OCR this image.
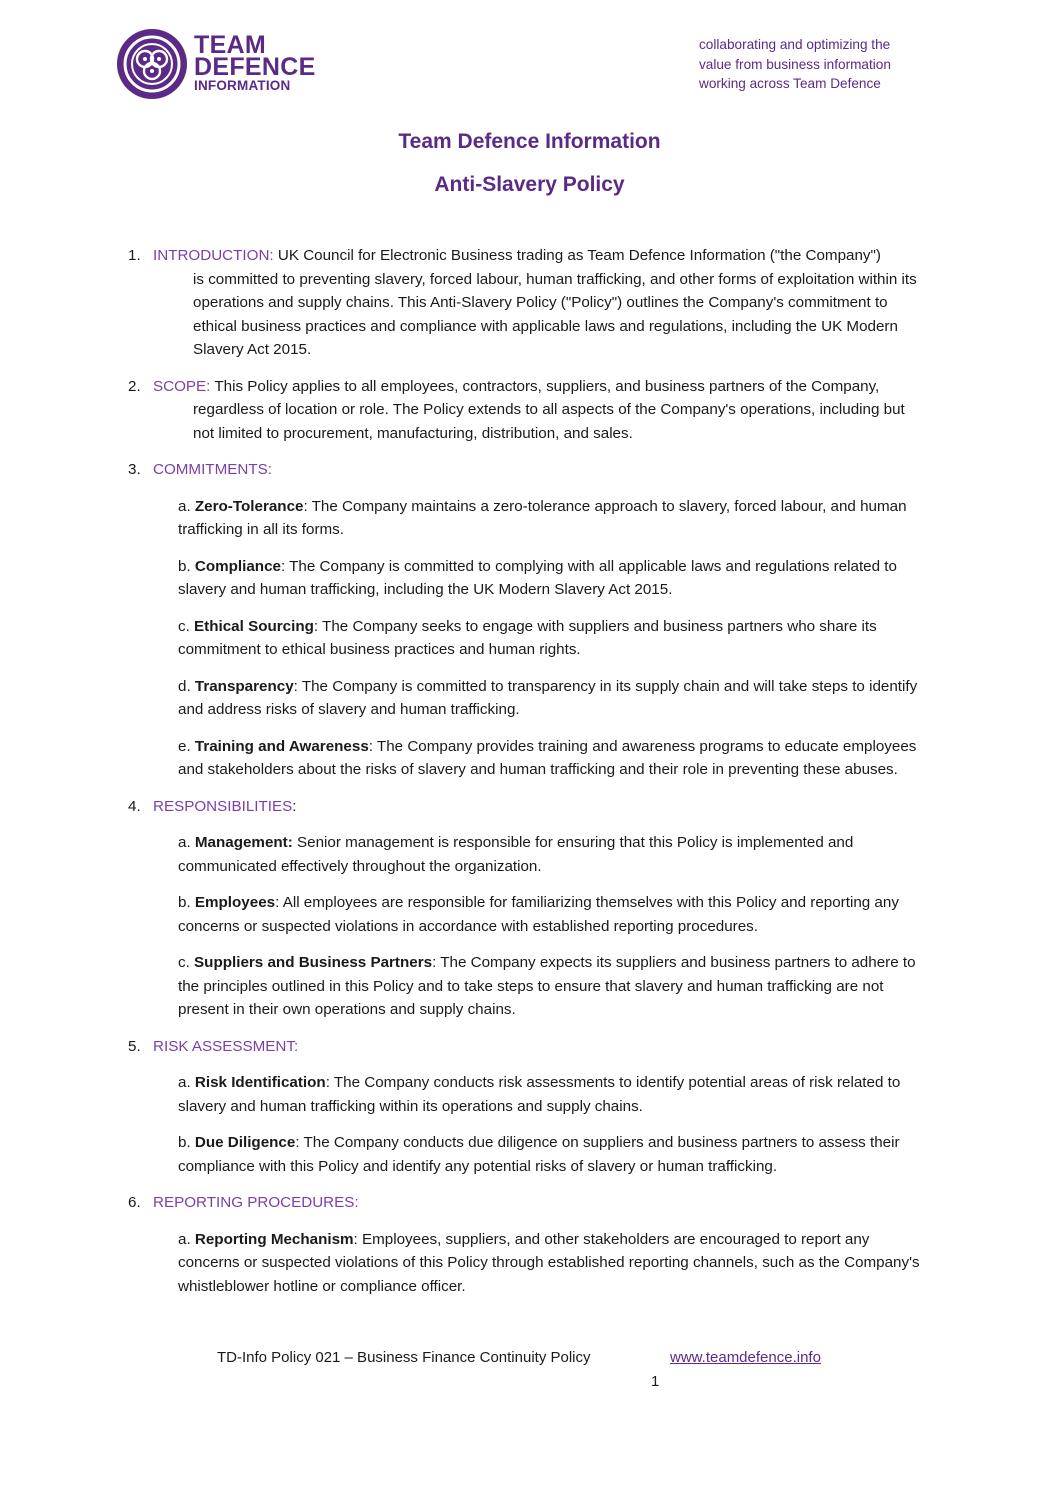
TEAM
DEFENCE
INFORMATION
collaborating and optimizing the
value from business information
working across Team Defence
Team Defence Information
Anti-Slavery Policy
1. INTRODUCTION: UK Council for Electronic Business trading as Team Defence Information ("the Company")
is committed to preventing slavery, forced labour, human trafficking, and other forms of exploitation within its operations and supply chains. This Anti-Slavery Policy ("Policy") outlines the Company's commitment to ethical business practices and compliance with applicable laws and regulations, including the UK Modern Slavery Act 2015.
2. SCOPE: This Policy applies to all employees, contractors, suppliers, and business partners of the Company,
regardless of location or role. The Policy extends to all aspects of the Company's operations, including but not limited to procurement, manufacturing, distribution, and sales.
3. COMMITMENTS:
a. Zero-Tolerance: The Company maintains a zero-tolerance approach to slavery, forced labour, and human trafficking in all its forms.
b. Compliance: The Company is committed to complying with all applicable laws and regulations related to slavery and human trafficking, including the UK Modern Slavery Act 2015.
c. Ethical Sourcing: The Company seeks to engage with suppliers and business partners who share its commitment to ethical business practices and human rights.
d. Transparency: The Company is committed to transparency in its supply chain and will take steps to identify and address risks of slavery and human trafficking.
e. Training and Awareness: The Company provides training and awareness programs to educate employees and stakeholders about the risks of slavery and human trafficking and their role in preventing these abuses.
4. RESPONSIBILITIES:
a. Management: Senior management is responsible for ensuring that this Policy is implemented and communicated effectively throughout the organization.
b. Employees: All employees are responsible for familiarizing themselves with this Policy and reporting any concerns or suspected violations in accordance with established reporting procedures.
c. Suppliers and Business Partners: The Company expects its suppliers and business partners to adhere to the principles outlined in this Policy and to take steps to ensure that slavery and human trafficking are not present in their own operations and supply chains.
5. RISK ASSESSMENT:
a. Risk Identification: The Company conducts risk assessments to identify potential areas of risk related to slavery and human trafficking within its operations and supply chains.
b. Due Diligence: The Company conducts due diligence on suppliers and business partners to assess their compliance with this Policy and identify any potential risks of slavery or human trafficking.
6. REPORTING PROCEDURES:
a. Reporting Mechanism: Employees, suppliers, and other stakeholders are encouraged to report any concerns or suspected violations of this Policy through established reporting channels, such as the Company's whistleblower hotline or compliance officer.
TD-Info Policy 021 – Business Finance Continuity Policy	www.teamdefence.info
1
